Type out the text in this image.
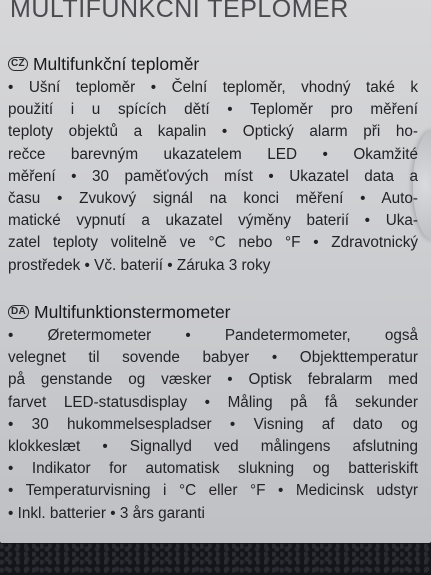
MULTIFUNKCNI TEPLOMER
CZ Multifunkční teploměr
• Ušní teploměr • Čelní teploměr, vhodný také k
použití i u spících dětí • Teploměr pro měření
teploty objektů a kapalin • Optický alarm při ho-
rečce barevným ukazatelem LED • Okamžité
měření • 30 paměťových míst • Ukazatel data a
času • Zvukový signál na konci měření • Auto-
matické vypnutí a ukazatel výměny baterií • Uka-
zatel teploty volitelně ve °C nebo °F • Zdravotnický
prostředek • Vč. baterií • Záruka 3 roky
DA Multifunktionstermometer
• Øretermometer • Pandetermometer, også
velegnet til sovende babyer • Objekttemperatur
på genstande og væsker • Optisk febralarm med
farvet LED-statusdisplay • Måling på få sekunder
• 30 hukommelsespladser • Visning af dato og
klokkeslæt • Signallyd ved målingens afslutning
• Indikator for automatisk slukning og batteriskift
• Temperaturvisning i °C eller °F • Medicinsk udstyr
• Inkl. batterier • 3 års garanti
